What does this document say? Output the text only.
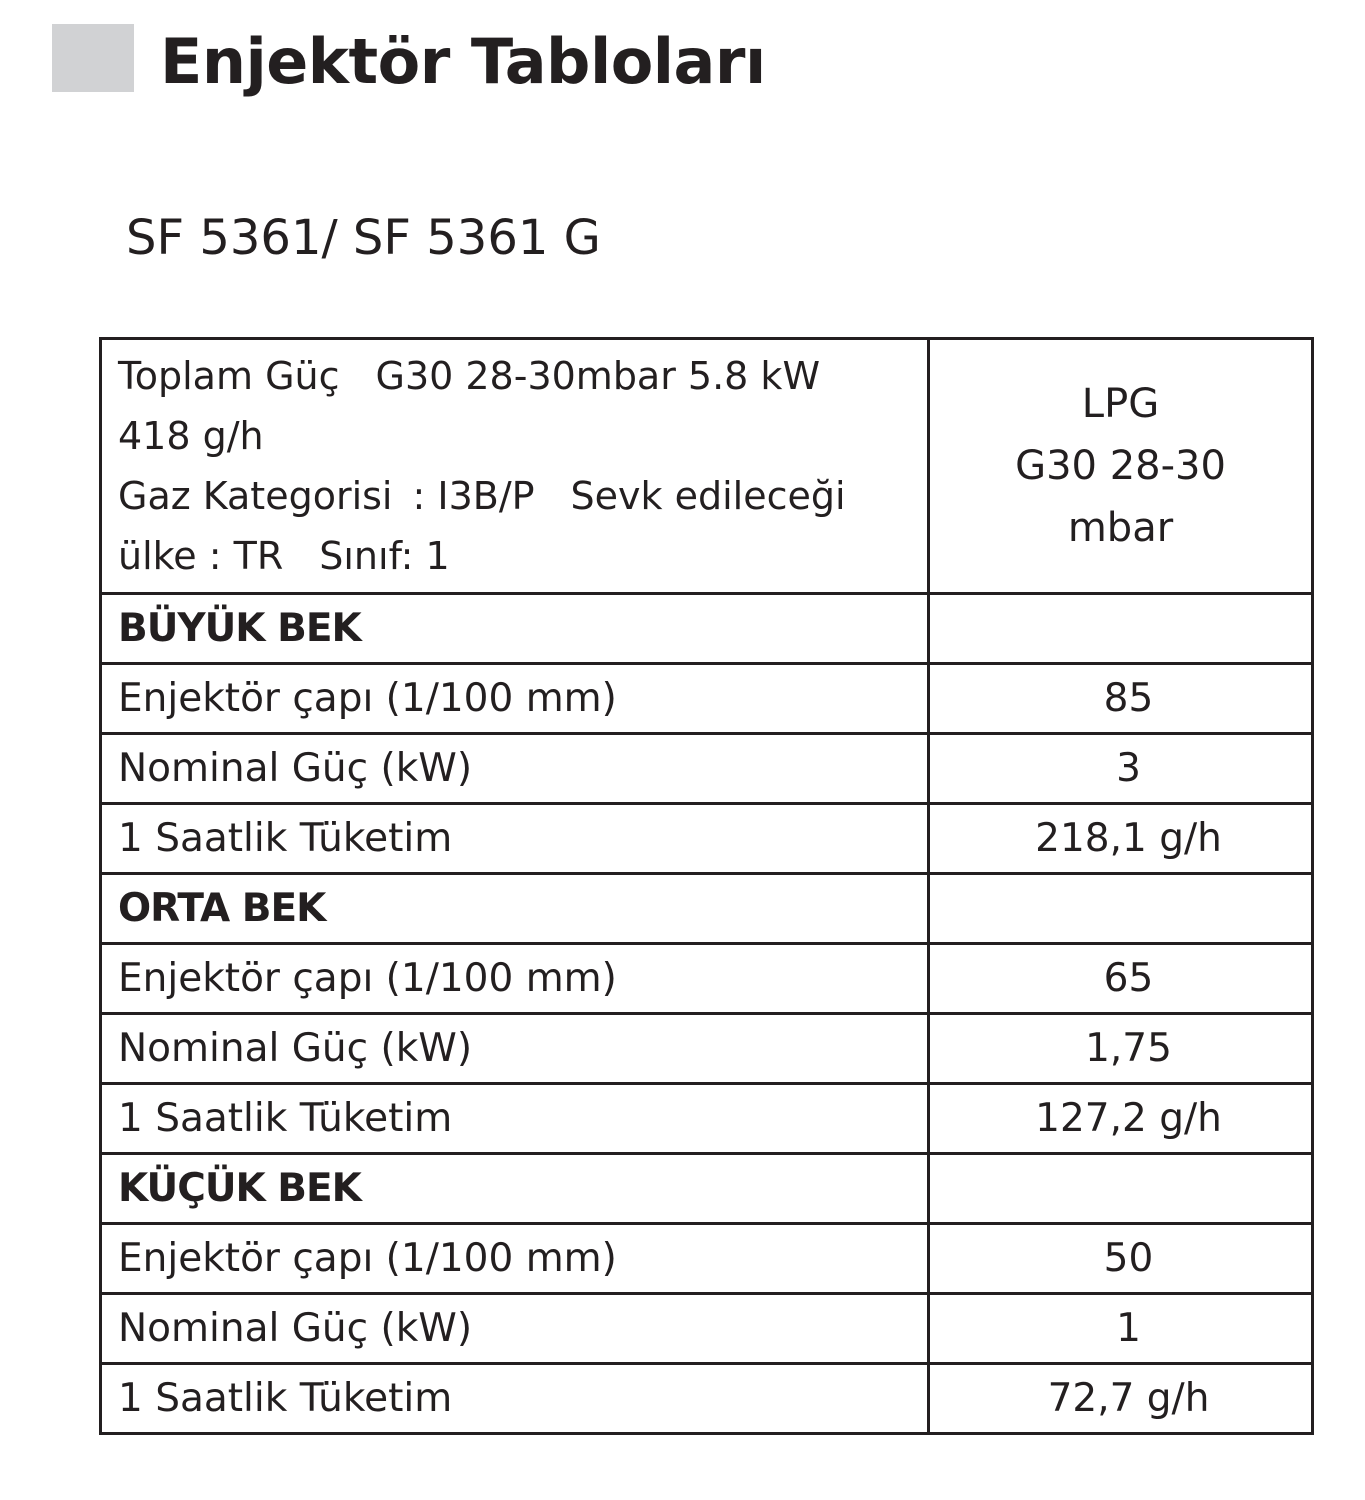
Enjektör Tabloları
SF 5361/ SF 5361 G
Toplam Güç G30 28-30mbar 5.8 kW
418 g/h
Gaz Kategorisi : I3B/P Sevk edileceği
ülke : TR Sınıf: 1	LPG
G30 28-30
mbar

BÜYÜK BEK	
Enjektör çapı (1/100 mm)	85
Nominal Güç (kW)	3
1 Saatlik Tüketim	218,1 g/h
ORTA BEK	
Enjektör çapı (1/100 mm)	65
Nominal Güç (kW)	1,75
1 Saatlik Tüketim	127,2 g/h
KÜÇÜK BEK	
Enjektör çapı (1/100 mm)	50
Nominal Güç (kW)	1
1 Saatlik Tüketim	72,7 g/h
